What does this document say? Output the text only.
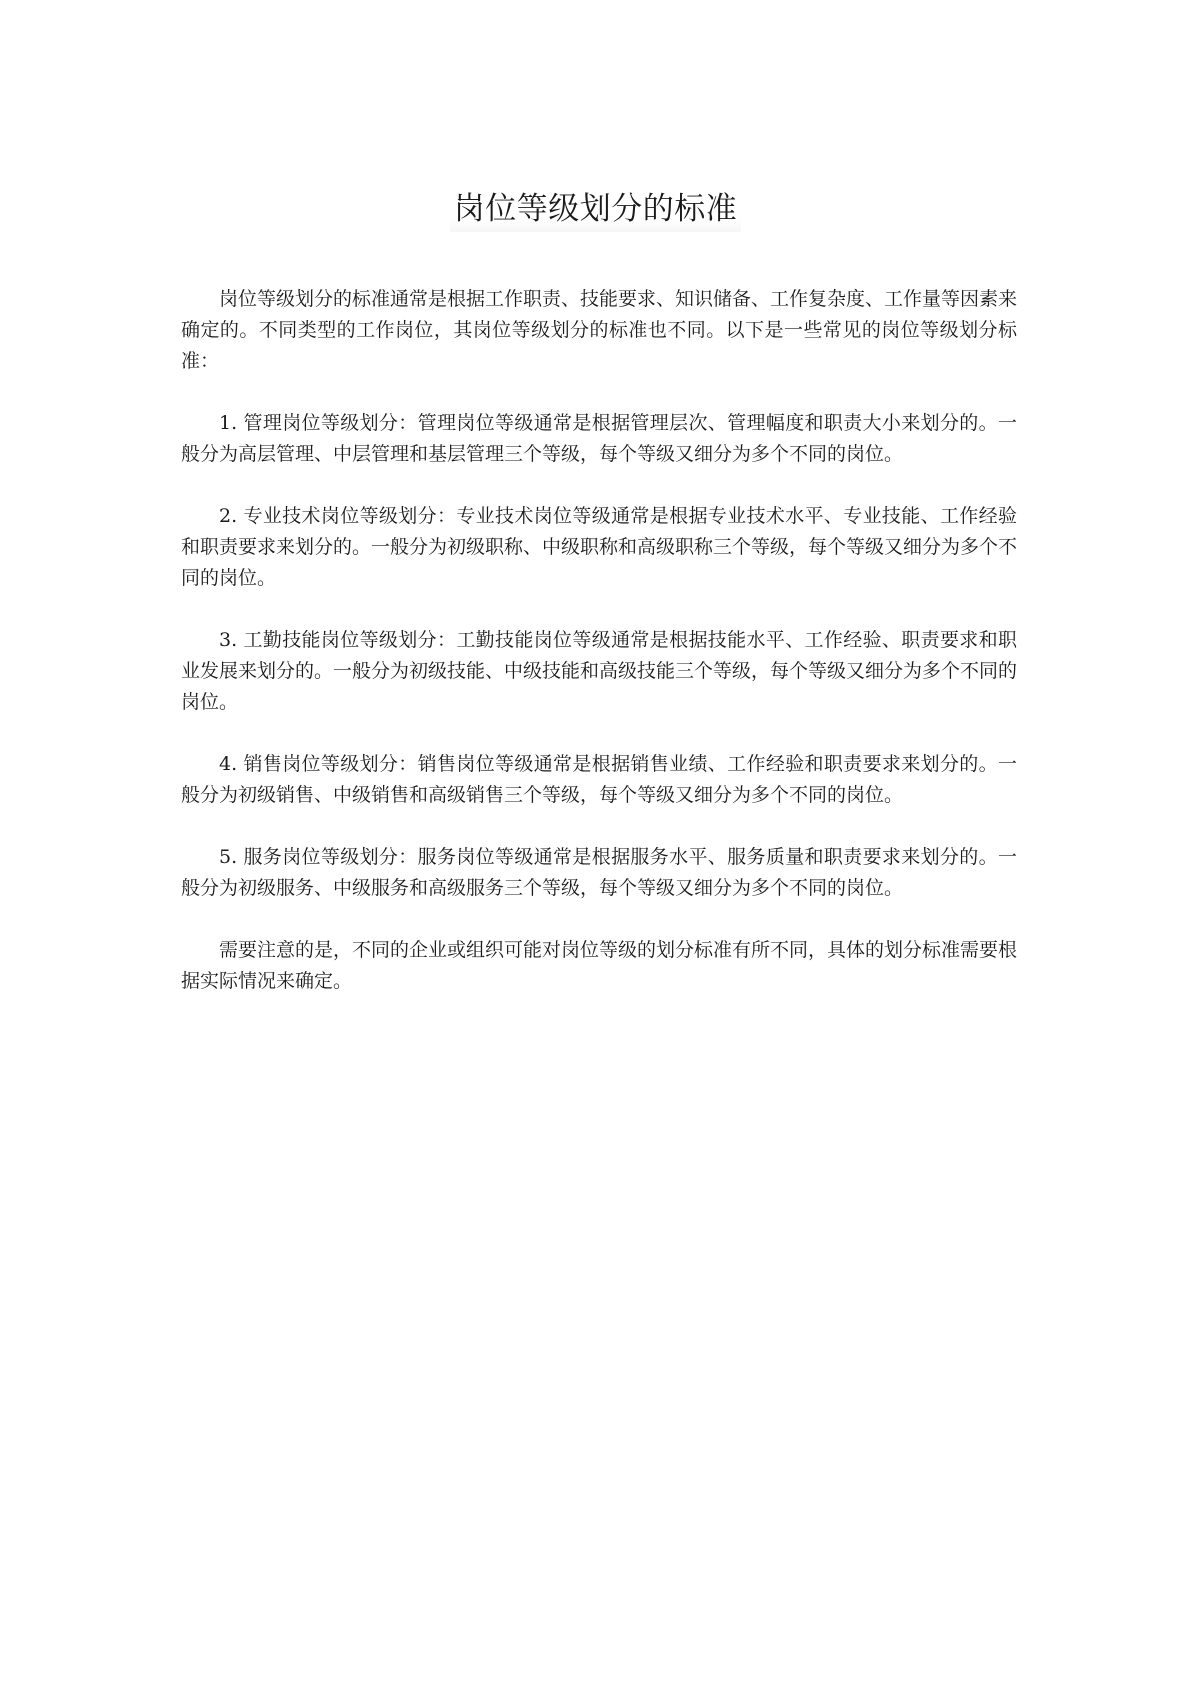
岗位等级划分的标准

岗位等级划分的标准通常是根据工作职责、技能要求、知识储备、工作复杂度、工作量等因素来确定的。不同类型的工作岗位，其岗位等级划分的标准也不同。以下是一些常见的岗位等级划分标准：

1. 管理岗位等级划分：管理岗位等级通常是根据管理层次、管理幅度和职责大小来划分的。一般分为高层管理、中层管理和基层管理三个等级，每个等级又细分为多个不同的岗位。

2. 专业技术岗位等级划分：专业技术岗位等级通常是根据专业技术水平、专业技能、工作经验和职责要求来划分的。一般分为初级职称、中级职称和高级职称三个等级，每个等级又细分为多个不同的岗位。

3. 工勤技能岗位等级划分：工勤技能岗位等级通常是根据技能水平、工作经验、职责要求和职业发展来划分的。一般分为初级技能、中级技能和高级技能三个等级，每个等级又细分为多个不同的岗位。

4. 销售岗位等级划分：销售岗位等级通常是根据销售业绩、工作经验和职责要求来划分的。一般分为初级销售、中级销售和高级销售三个等级，每个等级又细分为多个不同的岗位。

5. 服务岗位等级划分：服务岗位等级通常是根据服务水平、服务质量和职责要求来划分的。一般分为初级服务、中级服务和高级服务三个等级，每个等级又细分为多个不同的岗位。

需要注意的是，不同的企业或组织可能对岗位等级的划分标准有所不同，具体的划分标准需要根据实际情况来确定。
